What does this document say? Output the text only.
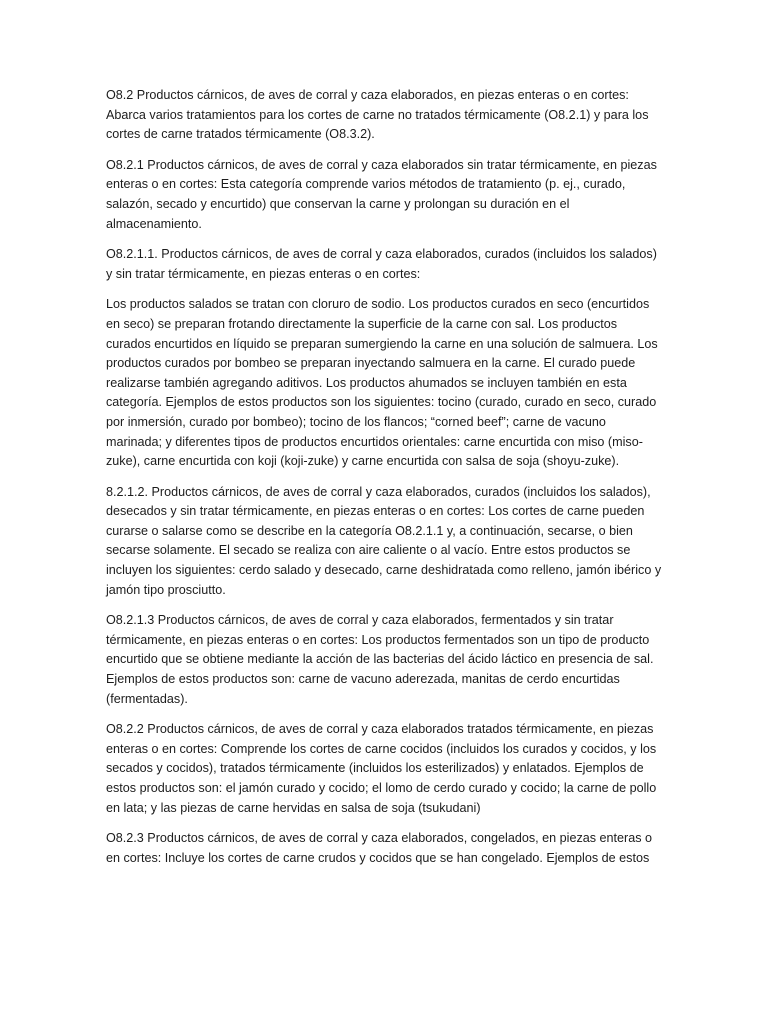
O8.2 Productos cárnicos, de aves de corral y caza elaborados, en piezas enteras o en cortes: Abarca varios tratamientos para los cortes de carne no tratados térmicamente (O8.2.1) y para los cortes de carne tratados térmicamente (O8.3.2).

O8.2.1 Productos cárnicos, de aves de corral y caza elaborados sin tratar térmicamente, en piezas enteras o en cortes: Esta categoría comprende varios métodos de tratamiento (p. ej., curado, salazón, secado y encurtido) que conservan la carne y prolongan su duración en el almacenamiento.

O8.2.1.1. Productos cárnicos, de aves de corral y caza elaborados, curados (incluidos los salados) y sin tratar térmicamente, en piezas enteras o en cortes:

Los productos salados se tratan con cloruro de sodio. Los productos curados en seco (encurtidos en seco) se preparan frotando directamente la superficie de la carne con sal. Los productos curados encurtidos en líquido se preparan sumergiendo la carne en una solución de salmuera. Los productos curados por bombeo se preparan inyectando salmuera en la carne. El curado puede realizarse también agregando aditivos. Los productos ahumados se incluyen también en esta categoría. Ejemplos de estos productos son los siguientes: tocino (curado, curado en seco, curado por inmersión, curado por bombeo); tocino de los flancos; “corned beef”; carne de vacuno marinada; y diferentes tipos de productos encurtidos orientales: carne encurtida con miso (miso-zuke), carne encurtida con koji (koji-zuke) y carne encurtida con salsa de soja (shoyu-zuke).

8.2.1.2. Productos cárnicos, de aves de corral y caza elaborados, curados (incluidos los salados), desecados y sin tratar térmicamente, en piezas enteras o en cortes: Los cortes de carne pueden curarse o salarse como se describe en la categoría O8.2.1.1 y, a continuación, secarse, o bien secarse solamente. El secado se realiza con aire caliente o al vacío. Entre estos productos se incluyen los siguientes: cerdo salado y desecado, carne deshidratada como relleno, jamón ibérico y jamón tipo prosciutto.

O8.2.1.3 Productos cárnicos, de aves de corral y caza elaborados, fermentados y sin tratar térmicamente, en piezas enteras o en cortes: Los productos fermentados son un tipo de producto encurtido que se obtiene mediante la acción de las bacterias del ácido láctico en presencia de sal. Ejemplos de estos productos son: carne de vacuno aderezada, manitas de cerdo encurtidas (fermentadas).

O8.2.2 Productos cárnicos, de aves de corral y caza elaborados tratados térmicamente, en piezas enteras o en cortes: Comprende los cortes de carne cocidos (incluidos los curados y cocidos, y los secados y cocidos), tratados térmicamente (incluidos los esterilizados) y enlatados. Ejemplos de estos productos son: el jamón curado y cocido; el lomo de cerdo curado y cocido; la carne de pollo en lata; y las piezas de carne hervidas en salsa de soja (tsukudani)

O8.2.3 Productos cárnicos, de aves de corral y caza elaborados, congelados, en piezas enteras o en cortes: Incluye los cortes de carne crudos y cocidos que se han congelado. Ejemplos de estos
